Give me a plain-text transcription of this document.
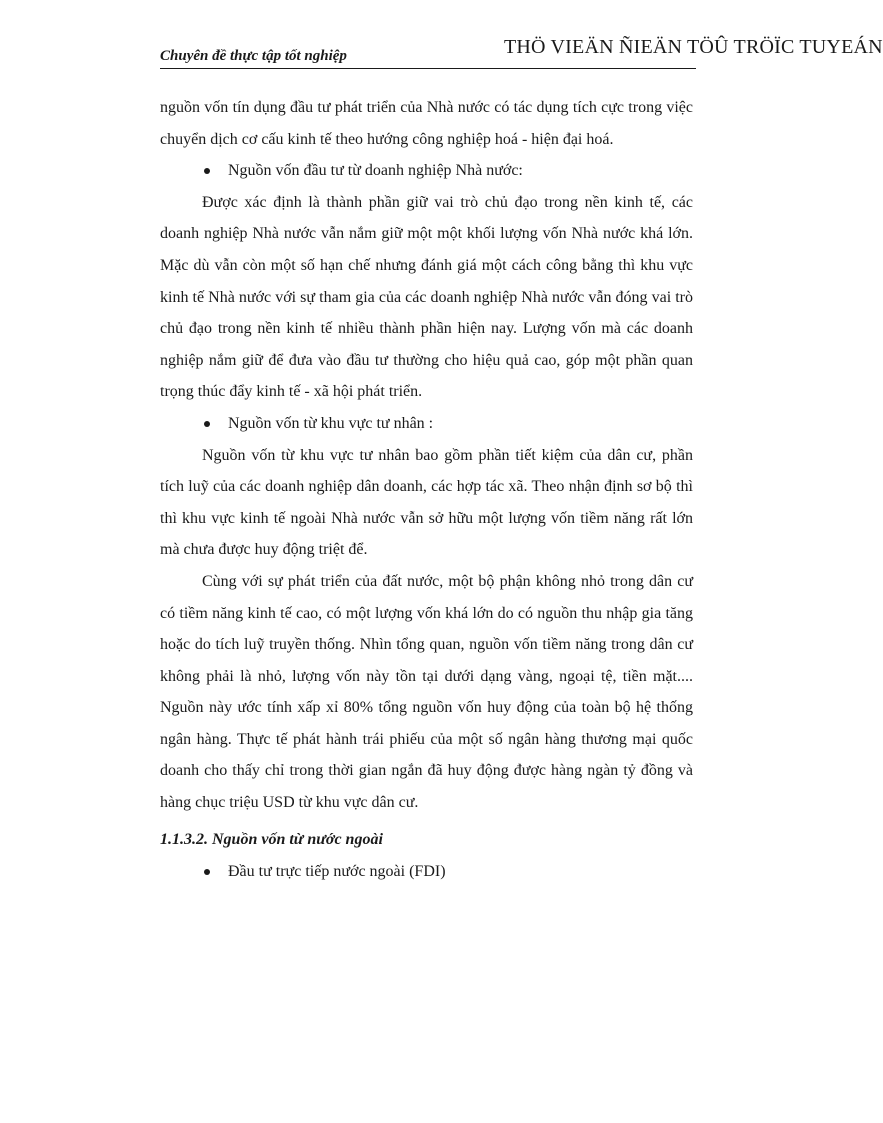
Chuyên đề thực tập tốt nghiệp	THÖ VIEÄN ÑIEÄN TÖÛ TRÖÏC TUYEÁN

nguồn vốn tín dụng đầu tư phát triển của Nhà nước có tác dụng tích cực trong việc chuyển dịch cơ cấu kinh tế theo hướng công nghiệp hoá - hiện đại hoá.

Nguồn vốn đầu tư từ doanh nghiệp Nhà nước:

Được xác định là thành phần giữ vai trò chủ đạo trong nền kinh tế, các doanh nghiệp Nhà nước vẫn nắm giữ một một khối lượng vốn Nhà nước khá lớn. Mặc dù vẫn còn một số hạn chế nhưng đánh giá một cách công bằng thì khu vực kinh tế Nhà nước với sự tham gia của các doanh nghiệp Nhà nước vẫn đóng vai trò chủ đạo trong nền kinh tế nhiều thành phần hiện nay. Lượng vốn mà các doanh nghiệp nắm giữ để đưa vào đầu tư thường cho hiệu quả cao, góp một phần quan trọng thúc đẩy kinh tế - xã hội phát triển.

Nguồn vốn từ khu vực tư nhân :

Nguồn vốn từ khu vực tư nhân bao gồm phần tiết kiệm của dân cư, phần tích luỹ của các doanh nghiệp dân doanh, các hợp tác xã. Theo nhận định sơ bộ thì thì khu vực kinh tế ngoài Nhà nước vẫn sở hữu một lượng vốn tiềm năng rất lớn mà chưa được huy động triệt để.

Cùng với sự phát triển của đất nước, một bộ phận không nhỏ trong dân cư có tiềm năng kinh tế cao, có một lượng vốn khá lớn do có nguồn thu nhập gia tăng hoặc do tích luỹ truyền thống. Nhìn tổng quan, nguồn vốn tiềm năng trong dân cư không phải là nhỏ, lượng vốn này tồn tại dưới dạng vàng, ngoại tệ, tiền mặt.... Nguồn này ước tính xấp xỉ 80% tổng nguồn vốn huy động của toàn bộ hệ thống ngân hàng. Thực tế phát hành trái phiếu của một số ngân hàng thương mại quốc doanh cho thấy chỉ trong thời gian ngắn đã huy động được hàng ngàn tỷ đồng và hàng chục triệu USD từ khu vực dân cư.

1.1.3.2. Nguồn vốn từ nước ngoài

Đầu tư trực tiếp nước ngoài (FDI)
